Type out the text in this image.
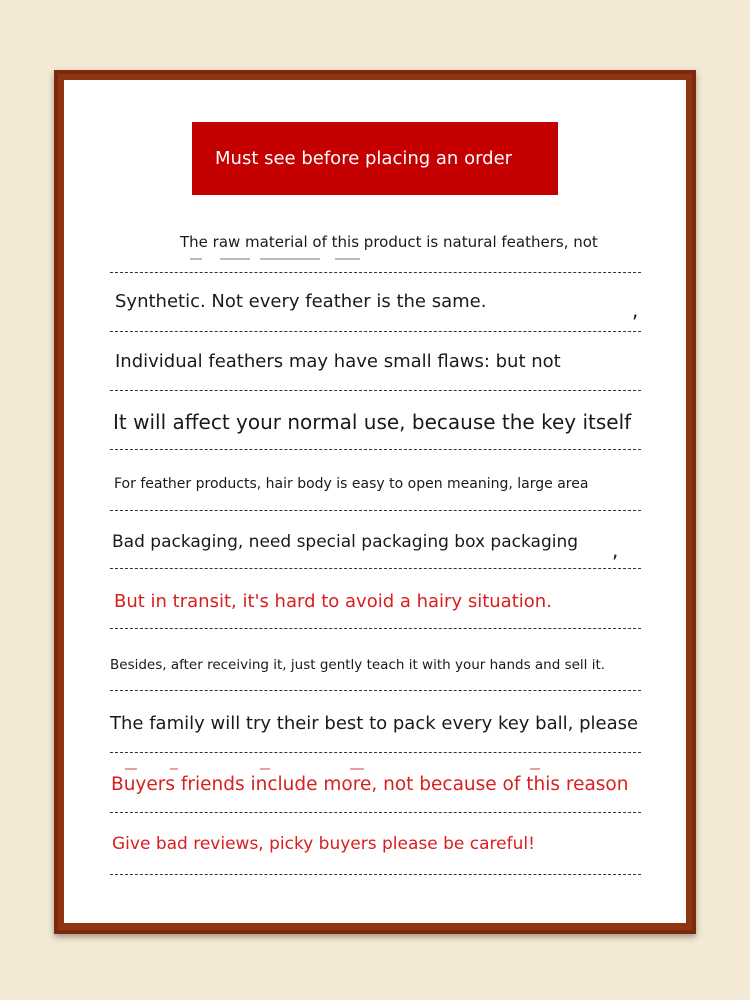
Must see before placing an order
The raw material of this product is natural feathers, not
Synthetic. Not every feather is the same.	,
Individual feathers may have small flaws: but not
It will affect your normal use, because the key itself
For feather products, hair body is easy to open meaning, large area
Bad packaging, need special packaging box packaging ,
But in transit, it's hard to avoid a hairy situation.
Besides, after receiving it, just gently teach it with your hands and sell it.
The family will try their best to pack every key ball, please
Buyers friends include more, not because of this reason
Give bad reviews, picky buyers please be careful!
